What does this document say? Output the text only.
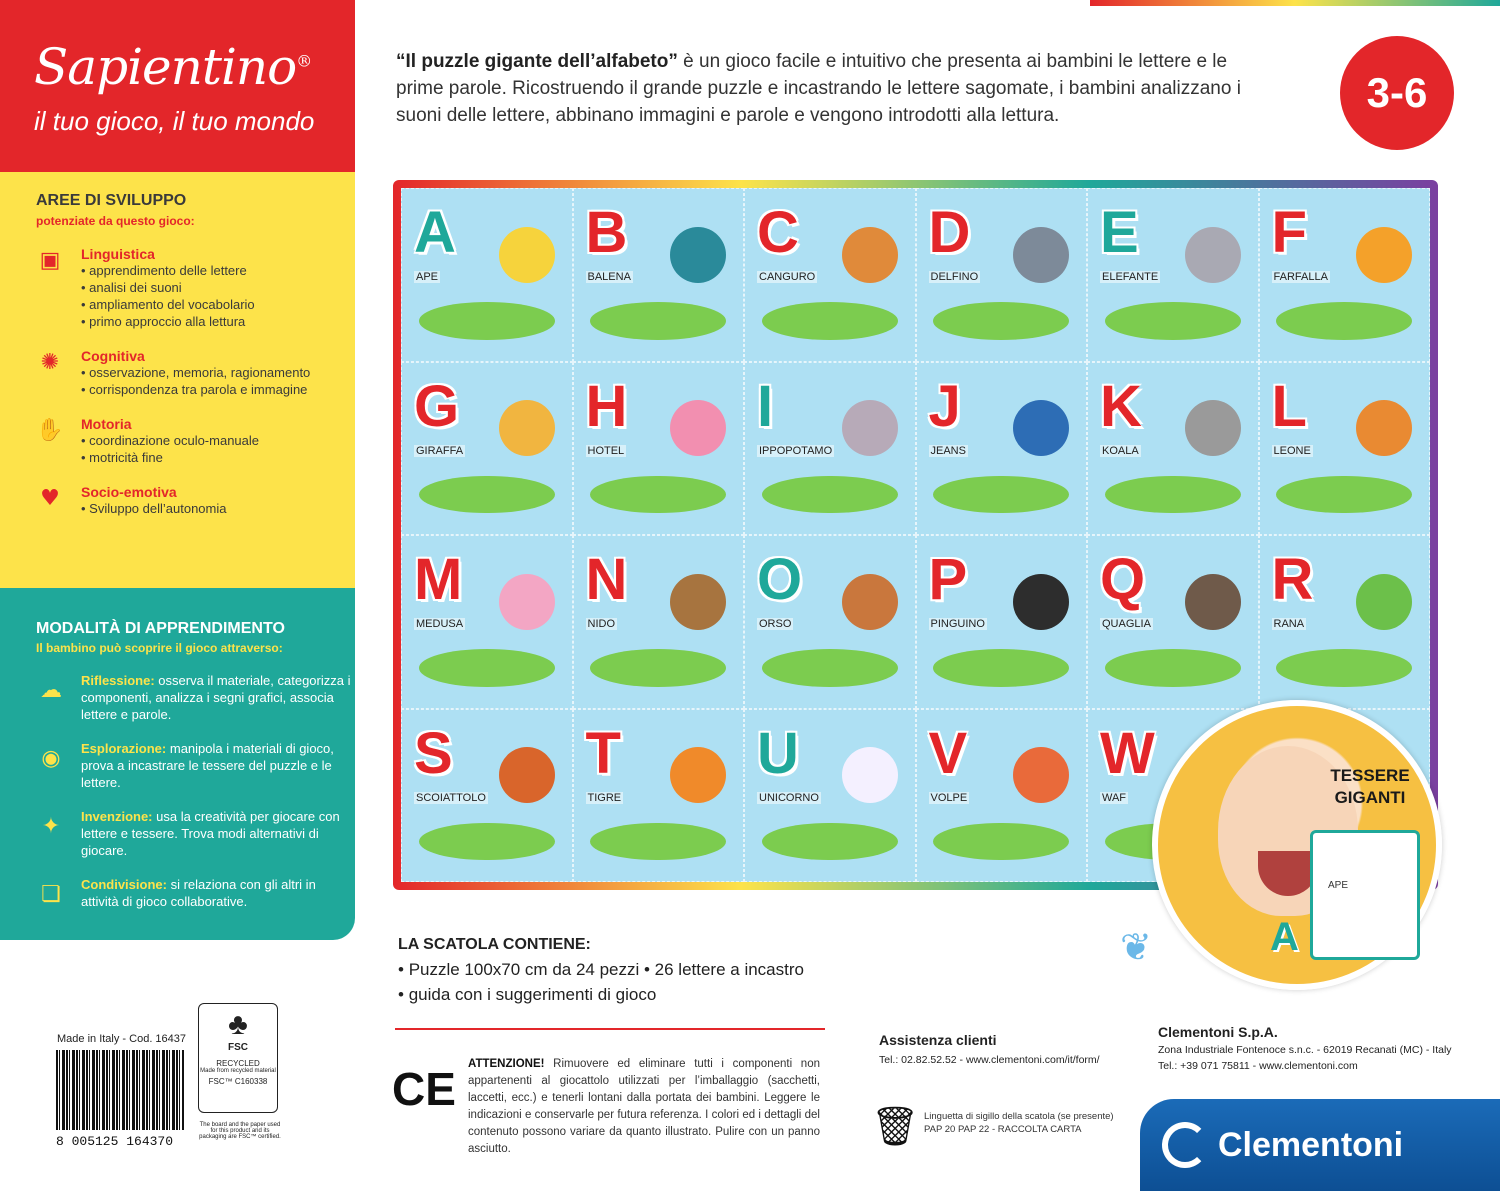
Sapientino®
il tuo gioco, il tuo mondo
AREE DI SVILUPPO
potenziate da questo gioco:
▣ Linguistica
• apprendimento delle lettere
• analisi dei suoni
• ampliamento del vocabolario
• primo approccio alla lettura
✺	Cognitiva
• osservazione, memoria, ragionamento
• corrispondenza tra parola e immagine
✋ Motoria
• coordinazione oculo-manuale
• motricità fine
♥ Socio-emotiva
• Sviluppo dell’autonomia
MODALITÀ DI APPRENDIMENTO
Il bambino può scoprire il gioco attraverso:
☁	Riflessione: osserva il materiale, categorizza i componenti, analizza i segni grafici, associa lettere e parole.
◉	Esplorazione: manipola i materiali di gioco, prova a incastrare le tessere del puzzle e le lettere.
✦	Invenzione: usa la creatività per giocare con lettere e tessere. Trova modi alternativi di giocare.
❏	Condivisione: si relaziona con gli altri in attività di gioco collaborative.
Made in Italy - Cod. 16437
8 005125 164370
♣
FSC
RECYCLED
Made from recycled material
FSC™ C160338
The board and the paper used for this product and its packaging are FSC™ certified.
“Il puzzle gigante dell’alfabeto” è un gioco facile e intuitivo che presenta ai bambini le lettere e le prime parole. Ricostruendo il grande puzzle e incastrando le lettere sagomate, i bambini analizzano i suoni delle lettere, abbinano immagini e parole e vengono introdotti alla lettura.	3-6
A
APE
B
BALENA
C
CANGURO
D
DELFINO
E
ELEFANTE
F
FARFALLA
G
GIRAFFA
H
HOTEL
I
IPPOPOTAMO
J
JEANS
K
KOALA
L
LEONE
M
MEDUSA
N
NIDO
O
ORSO
P
PINGUINO
Q
QUAGLIA
R
RANA
S
SCOIATTOLO
T
TIGRE
U
UNICORNO
V
VOLPE
W
WAF
TESSERE GIGANTI
APE
A
❦
LA SCATOLA CONTIENE:
• Puzzle 100x70 cm da 24 pezzi • 26 lettere a incastro
• guida con i suggerimenti di gioco
CE ATTENZIONE! Rimuovere ed eliminare tutti i componenti non appartenenti al giocattolo utilizzati per l’imballaggio (sacchetti, laccetti, ecc.) e tenerli lontani dalla portata dei bambini. Leggere le indicazioni e conservarle per futura referenza. I colori ed i dettagli del contenuto possono variare da quanto illustrato. Pulire con un panno asciutto.
Assistenza clienti
Tel.: 02.82.52.52 - www.clementoni.com/it/form/
🗑 Linguetta di sigillo della scatola (se presente)
PAP 20 PAP 22 - RACCOLTA CARTA
Clementoni S.p.A.
Zona Industriale Fontenoce s.n.c. - 62019 Recanati (MC) - Italy
Tel.: +39 071 75811 - www.clementoni.com
Clementoni
